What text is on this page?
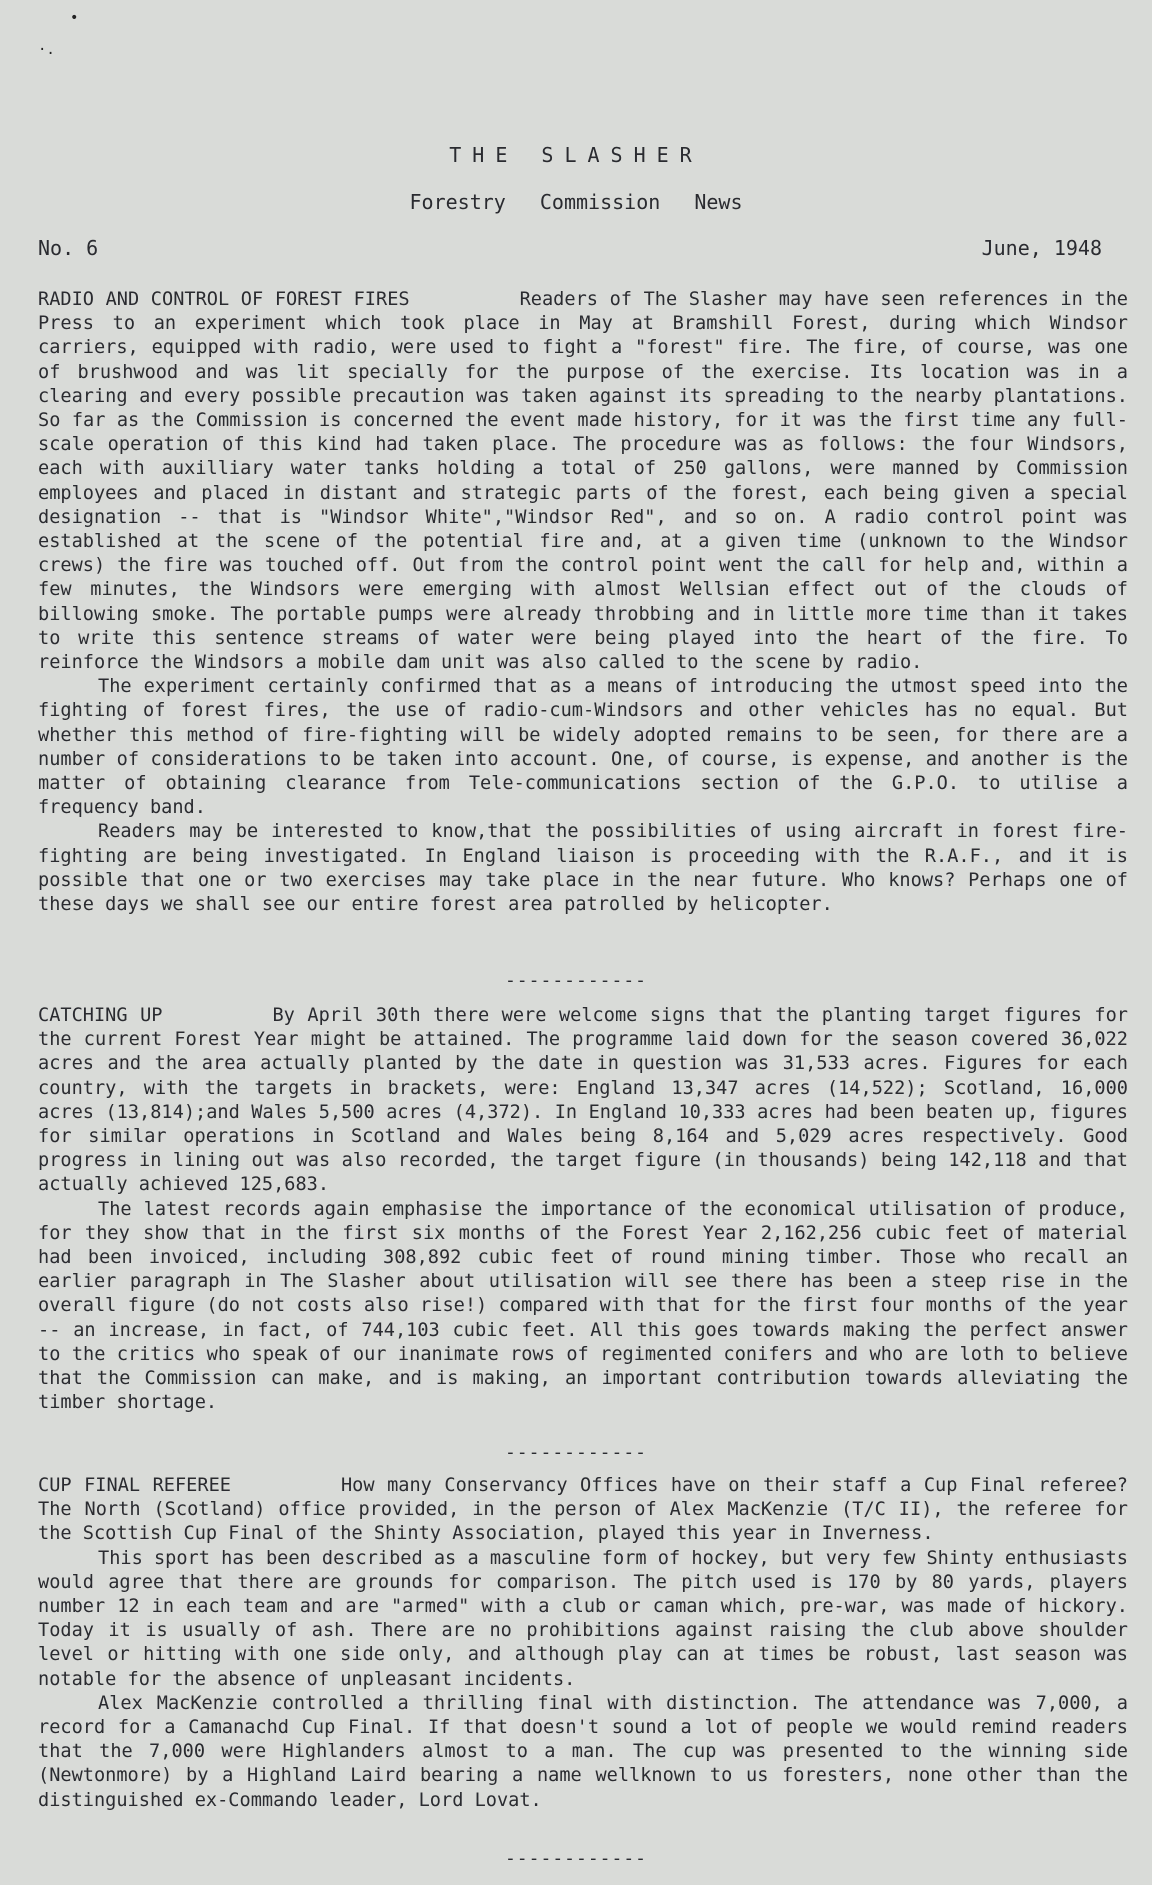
•
·.
THE SLASHER
Forestry Commission News
No. 6	June, 1948

RADIO AND CONTROL OF FOREST FIRES	Readers of The Slasher may have seen references in the Press to an experiment which took place in May at Bramshill Forest, during which Windsor carriers, equipped with radio, were used to fight a "forest" fire. The fire, of course, was one of brushwood and was lit specially for the purpose of the exercise. Its location was in a clearing and every possible precaution was taken against its spreading to the nearby plantations. So far as the Commission is concerned the event made history, for it was the first time any full-scale operation of this kind had taken place. The procedure was as follows: the four Windsors, each with auxilliary water tanks holding a total of 250 gallons, were manned by Commission employees and placed in distant and strategic parts of the forest, each being given a special designation -- that is "Windsor White","Windsor Red", and so on. A radio control point was established at the scene of the potential fire and, at a given time (unknown to the Windsor crews) the fire was touched off. Out from the control point went the call for help and, within a few minutes, the Windsors were emerging with almost Wellsian effect out of the clouds of billowing smoke. The portable pumps were already throbbing and in little more time than it takes to write this sentence streams of water were being played into the heart of the fire. To reinforce the Windsors a mobile dam unit was also called to the scene by radio.

The experiment certainly confirmed that as a means of introducing the utmost speed into the fighting of forest fires, the use of radio-cum-Windsors and other vehicles has no equal. But whether this method of fire-fighting will be widely adopted remains to be seen, for there are a number of considerations to be taken into account. One, of course, is expense, and another is the matter of obtaining clearance from Tele-communications section of the G.P.O. to utilise a frequency band.

Readers may be interested to know,that the possibilities of using aircraft in forest fire-fighting are being investigated. In England liaison is proceeding with the R.A.F., and it is possible that one or two exercises may take place in the near future. Who knows? Perhaps one of these days we shall see our entire forest area patrolled by helicopter.

------------

CATCHING UP	By April 30th there were welcome signs that the planting target figures for the current Forest Year might be attained. The programme laid down for the season covered 36,022 acres and the area actually planted by the date in question was 31,533 acres. Figures for each country, with the targets in brackets, were: England 13,347 acres (14,522); Scotland, 16,000 acres (13,814);and Wales 5,500 acres (4,372). In England 10,333 acres had been beaten up, figures for similar operations in Scotland and Wales being 8,164 and 5,029 acres respectively. Good progress in lining out was also recorded, the target figure (in thousands) being 142,118 and that actually achieved 125,683.

The latest records again emphasise the importance of the economical utilisation of produce, for they show that in the first six months of the Forest Year 2,162,256 cubic feet of material had been invoiced, including 308,892 cubic feet of round mining timber. Those who recall an earlier paragraph in The Slasher about utilisation will see there has been a steep rise in the overall figure (do not costs also rise!) compared with that for the first four months of the year -- an increase, in fact, of 744,103 cubic feet. All this goes towards making the perfect answer to the critics who speak of our inanimate rows of regimented conifers and who are loth to believe that the Commission can make, and is making, an important contribution towards alleviating the timber shortage.

------------

CUP FINAL REFEREE	How many Conservancy Offices have on their staff a Cup Final referee? The North (Scotland) office provided, in the person of Alex MacKenzie (T/C II), the referee for the Scottish Cup Final of the Shinty Association, played this year in Inverness.

This sport has been described as a masculine form of hockey, but very few Shinty enthusiasts would agree that there are grounds for comparison. The pitch used is 170 by 80 yards, players number 12 in each team and are "armed" with a club or caman which, pre-war, was made of hickory. Today it is usually of ash. There are no prohibitions against raising the club above shoulder level or hitting with one side only, and although play can at times be robust, last season was notable for the absence of unpleasant incidents.

Alex MacKenzie controlled a thrilling final with distinction. The attendance was 7,000, a record for a Camanachd Cup Final. If that doesn't sound a lot of people we would remind readers that the 7,000 were Highlanders almost to a man. The cup was presented to the winning side (Newtonmore) by a Highland Laird bearing a name wellknown to us foresters, none other than the distinguished ex-Commando leader, Lord Lovat.

------------
